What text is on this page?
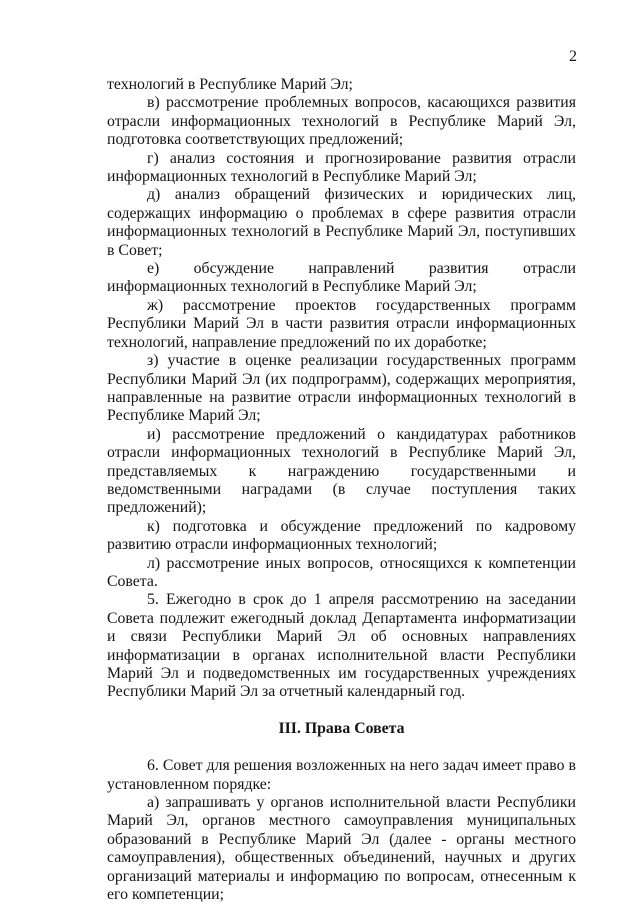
2

технологий в Республике Марий Эл;

в) рассмотрение проблемных вопросов, касающихся развития отрасли информационных технологий в Республике Марий Эл, подготовка соответствующих предложений;

г) анализ состояния и прогнозирование развития отрасли информационных технологий в Республике Марий Эл;

д) анализ обращений физических и юридических лиц, содержащих информацию о проблемах в сфере развития отрасли информационных технологий в Республике Марий Эл, поступивших в Совет;

е) обсуждение направлений развития отрасли информационных технологий в Республике Марий Эл;

ж) рассмотрение проектов государственных программ Республики Марий Эл в части развития отрасли информационных технологий, направление предложений по их доработке;

з) участие в оценке реализации государственных программ Республики Марий Эл (их подпрограмм), содержащих мероприятия, направленные на развитие отрасли информационных технологий в Республике Марий Эл;

и) рассмотрение предложений о кандидатурах работников отрасли информационных технологий в Республике Марий Эл, представляемых к награждению государственными и ведомственными наградами (в случае поступления таких предложений);

к) подготовка и обсуждение предложений по кадровому развитию отрасли информационных технологий;

л) рассмотрение иных вопросов, относящихся к компетенции Совета.

5. Ежегодно в срок до 1 апреля рассмотрению на заседании Совета подлежит ежегодный доклад Департамента информатизации и связи Республики Марий Эл об основных направлениях информатизации в органах исполнительной власти Республики Марий Эл и подведомственных им государственных учреждениях Республики Марий Эл за отчетный календарный год.

III. Права Совета

6. Совет для решения возложенных на него задач имеет право в установленном порядке:

а) запрашивать у органов исполнительной власти Республики Марий Эл, органов местного самоуправления муниципальных образований в Республике Марий Эл (далее - органы местного самоуправления), общественных объединений, научных и других организаций материалы и информацию по вопросам, отнесенным к его компетенции;
